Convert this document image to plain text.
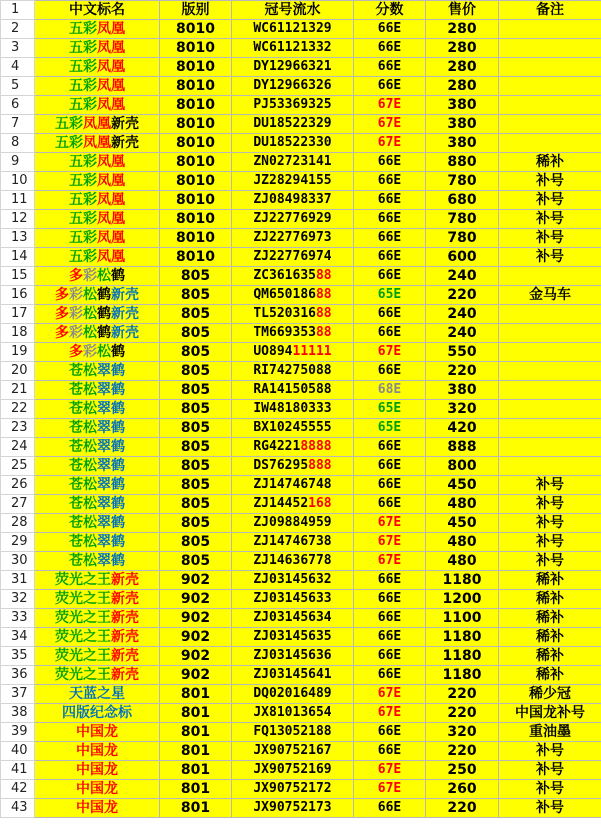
1	中文标名	版别	冠号流水	分数	售价	备注
2	五彩凤凰	8010	WC61121329	66E	280	
3	五彩凤凰	8010	WC61121332	66E	280	
4	五彩凤凰	8010	DY12966321	66E	280	
5	五彩凤凰	8010	DY12966326	66E	280	
6	五彩凤凰	8010	PJ53369325	67E	380	
7	五彩凤凰新壳	8010	DU18522329	67E	380	
8	五彩凤凰新壳	8010	DU18522330	67E	380	
9	五彩凤凰	8010	ZN02723141	66E	880	稀补
10	五彩凤凰	8010	JZ28294155	66E	780	补号
11	五彩凤凰	8010	ZJ08498337	66E	680	补号
12	五彩凤凰	8010	ZJ22776929	66E	780	补号
13	五彩凤凰	8010	ZJ22776973	66E	780	补号
14	五彩凤凰	8010	ZJ22776974	66E	600	补号
15	多彩松鹤	805	ZC36163588	66E	240	
16	多彩松鹤新壳	805	QM65018688	65E	220	金马车
17	多彩松鹤新壳	805	TL52031688	66E	240	
18	多彩松鹤新壳	805	TM66935388	66E	240	
19	多彩松鹤	805	UO89411111	67E	550	
20	苍松翠鹤	805	RI74275088	66E	220	
21	苍松翠鹤	805	RA14150588	68E	380	
22	苍松翠鹤	805	IW48180333	65E	320	
23	苍松翠鹤	805	BX10245555	65E	420	
24	苍松翠鹤	805	RG42218888	66E	888	
25	苍松翠鹤	805	DS76295888	66E	800	
26	苍松翠鹤	805	ZJ14746748	66E	450	补号
27	苍松翠鹤	805	ZJ14452168	66E	480	补号
28	苍松翠鹤	805	ZJ09884959	67E	450	补号
29	苍松翠鹤	805	ZJ14746738	67E	480	补号
30	苍松翠鹤	805	ZJ14636778	67E	480	补号
31	荧光之王新壳	902	ZJ03145632	66E	1180	稀补
32	荧光之王新壳	902	ZJ03145633	66E	1200	稀补
33	荧光之王新壳	902	ZJ03145634	66E	1100	稀补
34	荧光之王新壳	902	ZJ03145635	66E	1180	稀补
35	荧光之王新壳	902	ZJ03145636	66E	1180	稀补
36	荧光之王新壳	902	ZJ03145641	66E	1180	稀补
37	天蓝之星	801	DQ02016489	67E	220	稀少冠
38	四版纪念标	801	JX81013654	67E	220	中国龙补号
39	中国龙	801	FQ13052188	66E	320	重油墨
40	中国龙	801	JX90752167	66E	220	补号
41	中国龙	801	JX90752169	67E	250	补号
42	中国龙	801	JX90752172	67E	260	补号
43	中国龙	801	JX90752173	66E	220	补号
